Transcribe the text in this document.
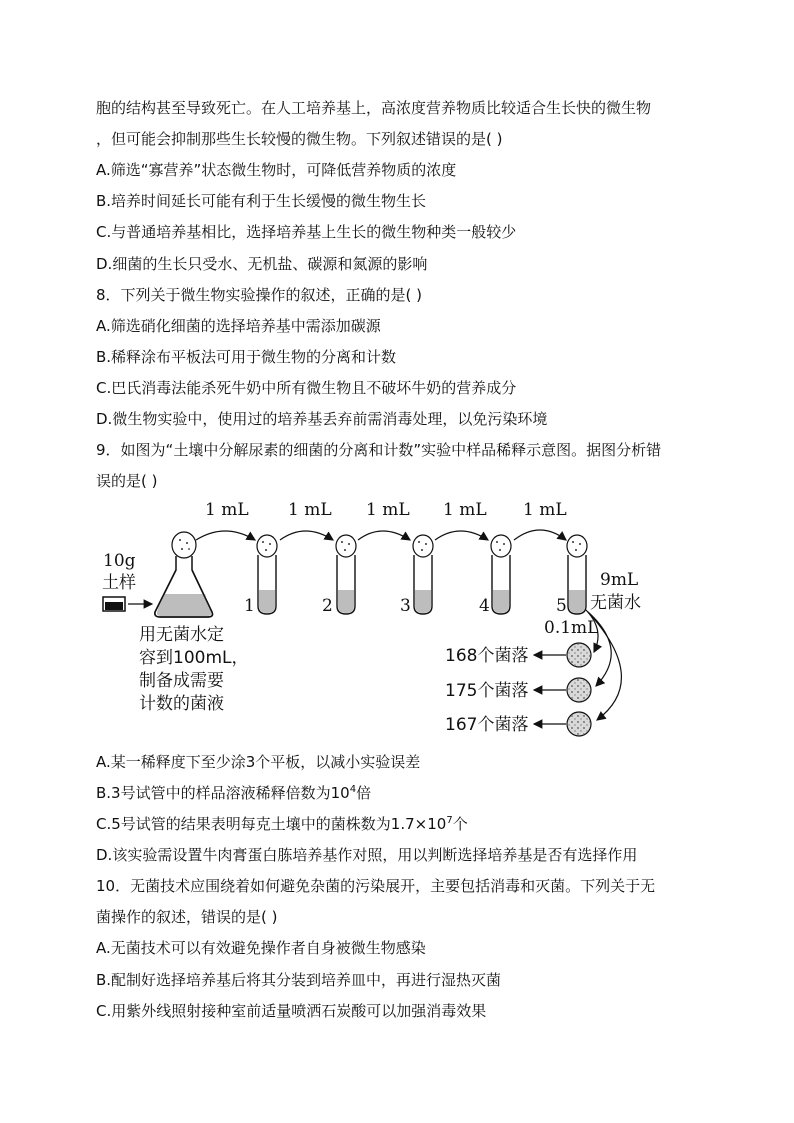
胞的结构甚至导致死亡。在人工培养基上，高浓度营养物质比较适合生长快的微生物
，但可能会抑制那些生长较慢的微生物。下列叙述错误的是( )
A.筛选“寡营养”状态微生物时，可降低营养物质的浓度
B.培养时间延长可能有利于生长缓慢的微生物生长
C.与普通培养基相比，选择培养基上生长的微生物种类一般较少
D.细菌的生长只受水、无机盐、碳源和氮源的影响
8．下列关于微生物实验操作的叙述，正确的是( )
A.筛选硝化细菌的选择培养基中需添加碳源
B.稀释涂布平板法可用于微生物的分离和计数
C.巴氏消毒法能杀死牛奶中所有微生物且不破坏牛奶的营养成分
D.微生物实验中，使用过的培养基丢弃前需消毒处理，以免污染环境
9．如图为“土壤中分解尿素的细菌的分离和计数”实验中样品稀释示意图。据图分析错
误的是( )
1 mL 1 mL 1 mL 1 mL 1 mL
10g
土样
用无菌水定
容到100mL，
制备成需要
计数的菌液
1	2	3	4	5
9mL
无菌水
0.1mL
168个菌落
175个菌落
167个菌落
A.某一稀释度下至少涂3个平板，以减小实验误差
B.3号试管中的样品溶液稀释倍数为$10^4$倍
C.5号试管的结果表明每克土壤中的菌株数为$1.7\times 10^7$个
D.该实验需设置牛肉膏蛋白胨培养基作对照，用以判断选择培养基是否有选择作用
10．无菌技术应围绕着如何避免杂菌的污染展开，主要包括消毒和灭菌。下列关于无
菌操作的叙述，错误的是( )
A.无菌技术可以有效避免操作者自身被微生物感染
B.配制好选择培养基后将其分装到培养皿中，再进行湿热灭菌
C.用紫外线照射接种室前适量喷洒石炭酸可以加强消毒效果
